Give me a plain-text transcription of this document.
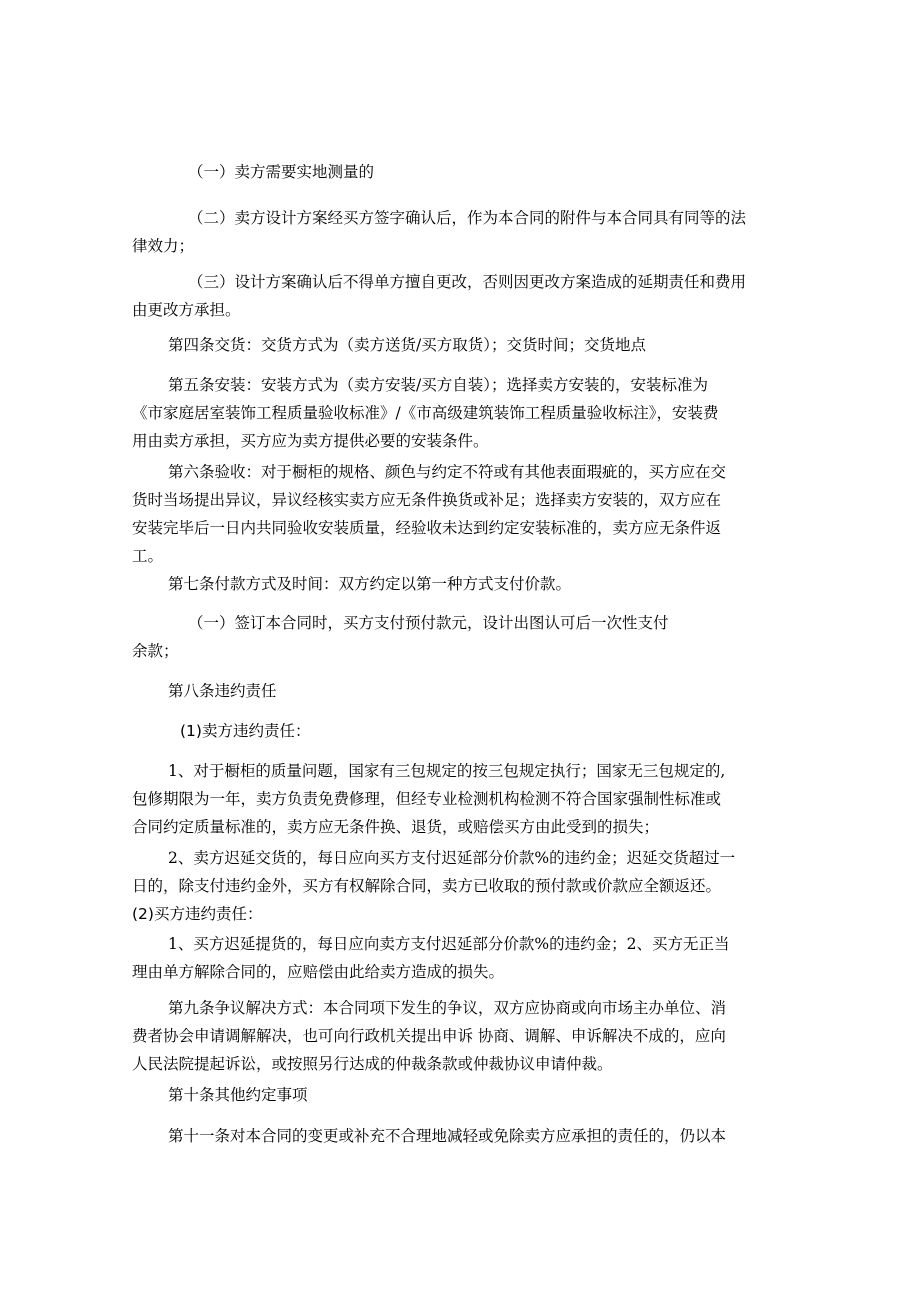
（一）卖方需要实地测量的

（二）卖方设计方案经买方签字确认后，作为本合同的附件与本合同具有同等的法
律效力；

（三）设计方案确认后不得单方擅自更改，否则因更改方案造成的延期责任和费用
由更改方承担。

第四条交货：交货方式为（卖方送货/买方取货）；交货时间；交货地点

第五条安装：安装方式为（卖方安装/买方自装）；选择卖方安装的，安装标准为
《市家庭居室装饰工程质量验收标准》/《市高级建筑装饰工程质量验收标注》，安装费
用由卖方承担，买方应为卖方提供必要的安装条件。

第六条验收：对于橱柜的规格、颜色与约定不符或有其他表面瑕疵的，买方应在交
货时当场提出异议，异议经核实卖方应无条件换货或补足；选择卖方安装的，双方应在
安装完毕后一日内共同验收安装质量，经验收未达到约定安装标准的，卖方应无条件返
工。

第七条付款方式及时间：双方约定以第一种方式支付价款。

（一）签订本合同时，买方支付预付款元，设计出图认可后一次性支付
余款；

第八条违约责任

(1)卖方违约责任：

1、对于橱柜的质量问题，国家有三包规定的按三包规定执行；国家无三包规定的,
包修期限为一年，卖方负责免费修理，但经专业检测机构检测不符合国家强制性标准或
合同约定质量标准的，卖方应无条件换、退货，或赔偿买方由此受到的损失；

2、卖方迟延交货的，每日应向买方支付迟延部分价款%的违约金；迟延交货超过一
日的，除支付违约金外，买方有权解除合同，卖方已收取的预付款或价款应全额返还。
(2)买方违约责任：

1、买方迟延提货的，每日应向卖方支付迟延部分价款%的违约金；2、买方无正当
理由单方解除合同的，应赔偿由此给卖方造成的损失。

第九条争议解决方式：本合同项下发生的争议，双方应协商或向市场主办单位、消
费者协会申请调解解决，也可向行政机关提出申诉 协商、调解、申诉解决不成的，应向
人民法院提起诉讼，或按照另行达成的仲裁条款或仲裁协议申请仲裁。

第十条其他约定事项

第十一条对本合同的变更或补充不合理地减轻或免除卖方应承担的责任的，仍以本
